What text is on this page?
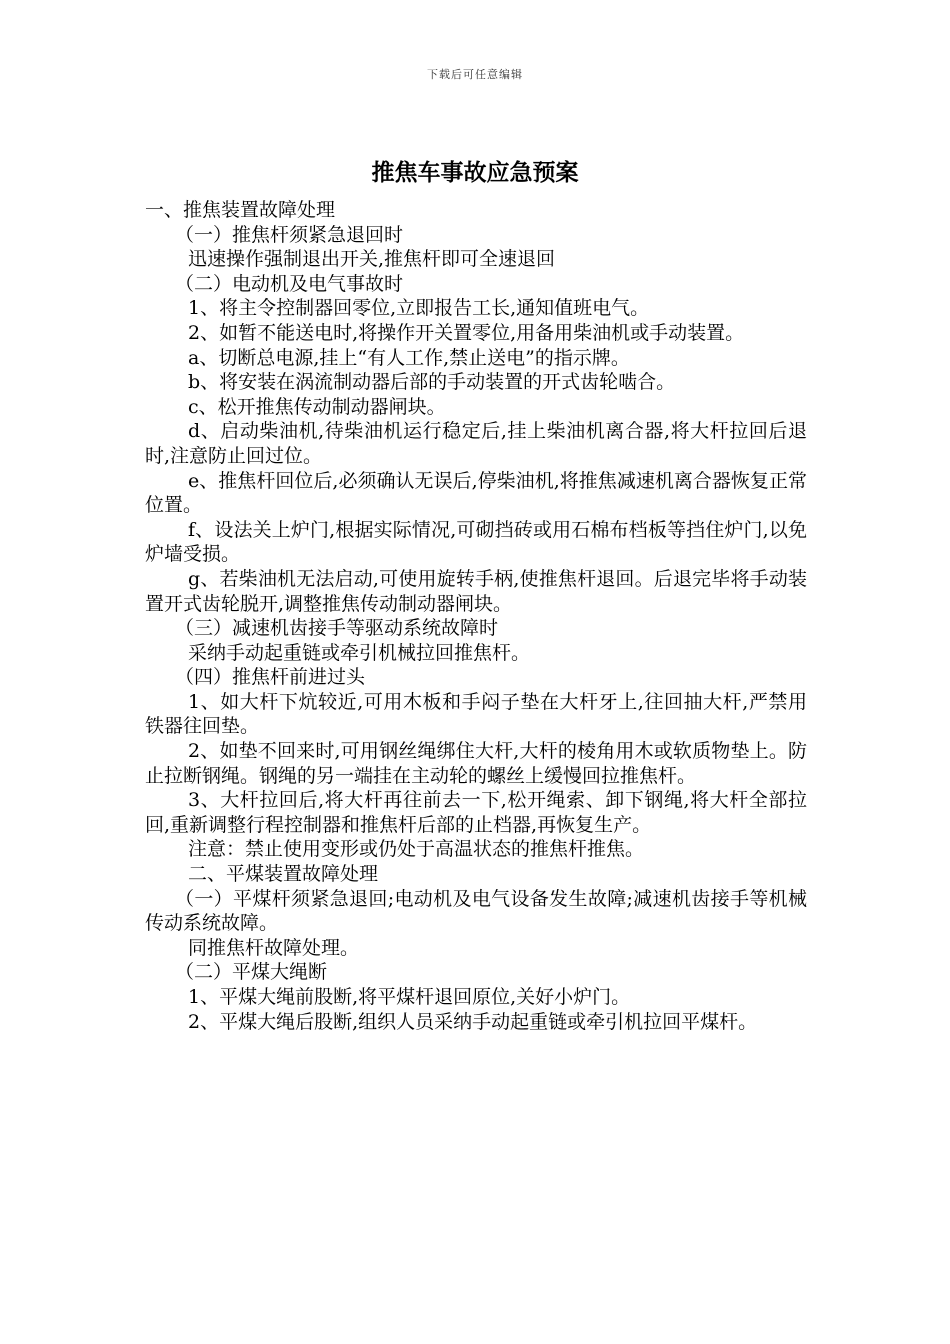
下载后可任意编辑
推焦车事故应急预案

一、推焦装置故障处理

（一）推焦杆须紧急退回时

迅速操作强制退出开关,推焦杆即可全速退回

（二）电动机及电气事故时

1、将主令控制器回零位,立即报告工长,通知值班电气。

2、如暂不能送电时,将操作开关置零位,用备用柴油机或手动装置。

a、切断总电源,挂上“有人工作,禁止送电”的指示牌。

b、将安装在涡流制动器后部的手动装置的开式齿轮啮合。

c、松开推焦传动制动器闸块。

d、启动柴油机,待柴油机运行稳定后,挂上柴油机离合器,将大杆拉回后退时,注意防止回过位。

e、推焦杆回位后,必须确认无误后,停柴油机,将推焦减速机离合器恢复正常位置。

f、设法关上炉门,根据实际情况,可砌挡砖或用石棉布档板等挡住炉门,以免炉墙受损。

g、若柴油机无法启动,可使用旋转手柄,使推焦杆退回。后退完毕将手动装置开式齿轮脱开,调整推焦传动制动器闸块。

（三）减速机齿接手等驱动系统故障时

采纳手动起重链或牵引机械拉回推焦杆。

（四）推焦杆前进过头

1、如大杆下炕较近,可用木板和手闷子垫在大杆牙上,往回抽大杆,严禁用铁器往回垫。

2、如垫不回来时,可用钢丝绳绑住大杆,大杆的棱角用木或软质物垫上。防止拉断钢绳。钢绳的另一端挂在主动轮的螺丝上缓慢回拉推焦杆。

3、大杆拉回后,将大杆再往前去一下,松开绳索、卸下钢绳,将大杆全部拉回,重新调整行程控制器和推焦杆后部的止档器,再恢复生产。

注意：禁止使用变形或仍处于高温状态的推焦杆推焦。

二、平煤装置故障处理

（一）平煤杆须紧急退回;电动机及电气设备发生故障;减速机齿接手等机械传动系统故障。

同推焦杆故障处理。

（二）平煤大绳断

1、平煤大绳前股断,将平煤杆退回原位,关好小炉门。

2、平煤大绳后股断,组织人员采纳手动起重链或牵引机拉回平煤杆。
